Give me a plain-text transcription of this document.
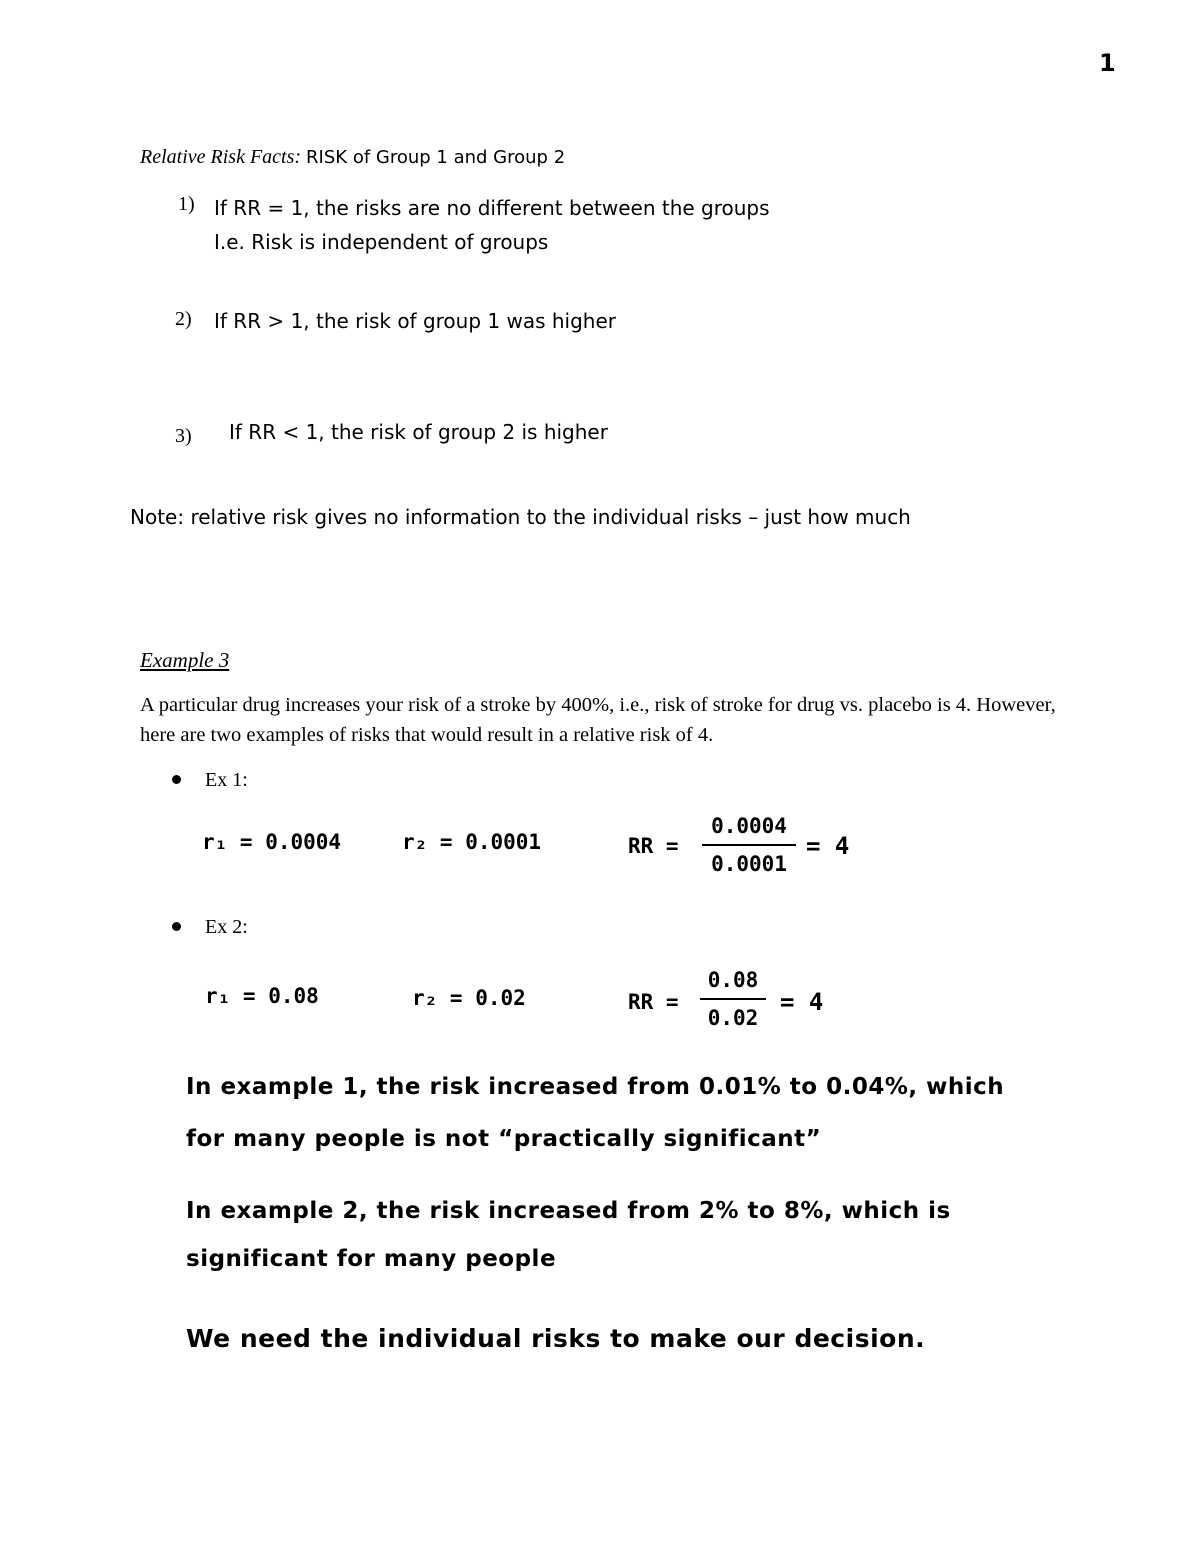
1
Relative Risk Facts: RISK of Group 1 and Group 2
1) If RR = 1, the risks are no different between the groups
I.e. Risk is independent of groups
2) If RR > 1, the risk of group 1 was higher
3) If RR < 1, the risk of group 2 is higher
Note: relative risk gives no information to the individual risks – just how much
Example 3
A particular drug increases your risk of a stroke by 400%, i.e., risk of stroke for drug vs. placebo is 4. However, here are two examples of risks that would result in a relative risk of 4.
Ex 1:
r₁ = 0.0004	r₂ = 0.0001	RR =
0.0004
0.0001
= 4
Ex 2:
r₁ = 0.08	r₂ = 0.02	RR =
0.08
0.02
= 4
In example 1, the risk increased from 0.01% to 0.04%, which
for many people is not “practically significant”
In example 2, the risk increased from 2% to 8%, which is
significant for many people
We need the individual risks to make our decision.
